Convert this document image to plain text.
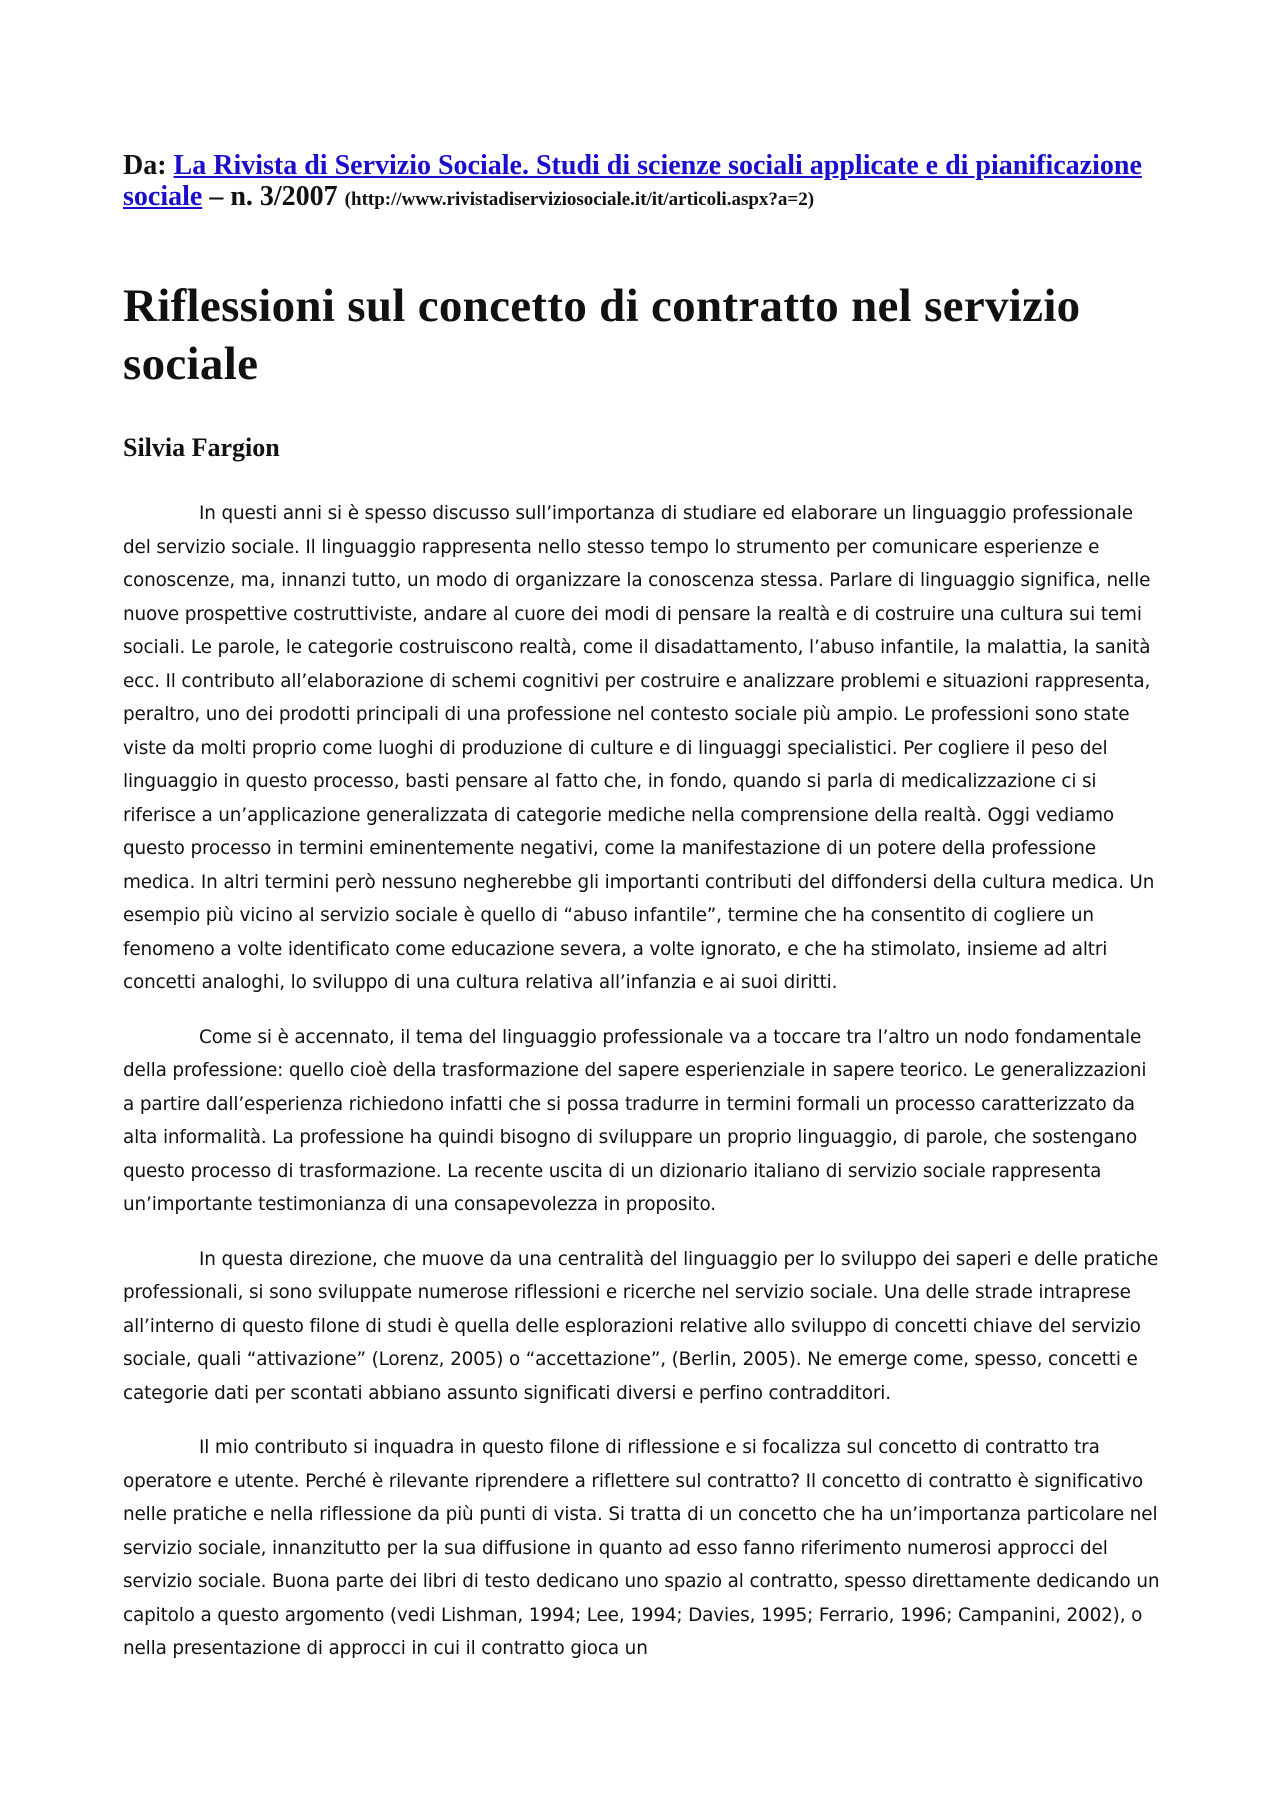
Da: La Rivista di Servizio Sociale. Studi di scienze sociali applicate e di pianificazione sociale – n. 3/2007 (http://www.rivistadiserviziosociale.it/it/articoli.aspx?a=2)

Riflessioni sul concetto di contratto nel servizio sociale
Silvia Fargion

In questi anni si è spesso discusso sull’importanza di studiare ed elaborare un linguaggio professionale del servizio sociale. Il linguaggio rappresenta nello stesso tempo lo strumento per comunicare esperienze e conoscenze, ma, innanzi tutto, un modo di organizzare la conoscenza stessa. Parlare di linguaggio significa, nelle nuove prospettive costruttiviste, andare al cuore dei modi di pensare la realtà e di costruire una cultura sui temi sociali. Le parole, le categorie costruiscono realtà, come il disadattamento, l’abuso infantile, la malattia, la sanità ecc. Il contributo all’elaborazione di schemi cognitivi per costruire e analizzare problemi e situazioni rappresenta, peraltro, uno dei prodotti principali di una professione nel contesto sociale più ampio. Le professioni sono state viste da molti proprio come luoghi di produzione di culture e di linguaggi specialistici. Per cogliere il peso del linguaggio in questo processo, basti pensare al fatto che, in fondo, quando si parla di medicalizzazione ci si riferisce a un’applicazione generalizzata di categorie mediche nella comprensione della realtà. Oggi vediamo questo processo in termini eminentemente negativi, come la manifestazione di un potere della professione medica. In altri termini però nessuno negherebbe gli importanti contributi del diffondersi della cultura medica. Un esempio più vicino al servizio sociale è quello di “abuso infantile”, termine che ha consentito di cogliere un fenomeno a volte identificato come educazione severa, a volte ignorato, e che ha stimolato, insieme ad altri concetti analoghi, lo sviluppo di una cultura relativa all’infanzia e ai suoi diritti.

Come si è accennato, il tema del linguaggio professionale va a toccare tra l’altro un nodo fondamentale della professione: quello cioè della trasformazione del sapere esperienziale in sapere teorico. Le generalizzazioni a partire dall’esperienza richiedono infatti che si possa tradurre in termini formali un processo caratterizzato da alta informalità. La professione ha quindi bisogno di sviluppare un proprio linguaggio, di parole, che sostengano questo processo di trasformazione. La recente uscita di un dizionario italiano di servizio sociale rappresenta un’importante testimonianza di una consapevolezza in proposito.

In questa direzione, che muove da una centralità del linguaggio per lo sviluppo dei saperi e delle pratiche professionali, si sono sviluppate numerose riflessioni e ricerche nel servizio sociale. Una delle strade intraprese all’interno di questo filone di studi è quella delle esplorazioni relative allo sviluppo di concetti chiave del servizio sociale, quali “attivazione” (Lorenz, 2005) o “accettazione”, (Berlin, 2005). Ne emerge come, spesso, concetti e categorie dati per scontati abbiano assunto significati diversi e perfino contradditori.

Il mio contributo si inquadra in questo filone di riflessione e si focalizza sul concetto di contratto tra operatore e utente. Perché è rilevante riprendere a riflettere sul contratto? Il concetto di contratto è significativo nelle pratiche e nella riflessione da più punti di vista. Si tratta di un concetto che ha un’importanza particolare nel servizio sociale, innanzitutto per la sua diffusione in quanto ad esso fanno riferimento numerosi approcci del servizio sociale. Buona parte dei libri di testo dedicano uno spazio al contratto, spesso direttamente dedicando un capitolo a questo argomento (vedi Lishman, 1994; Lee, 1994; Davies, 1995; Ferrario, 1996; Campanini, 2002), o nella presentazione di approcci in cui il contratto gioca un
